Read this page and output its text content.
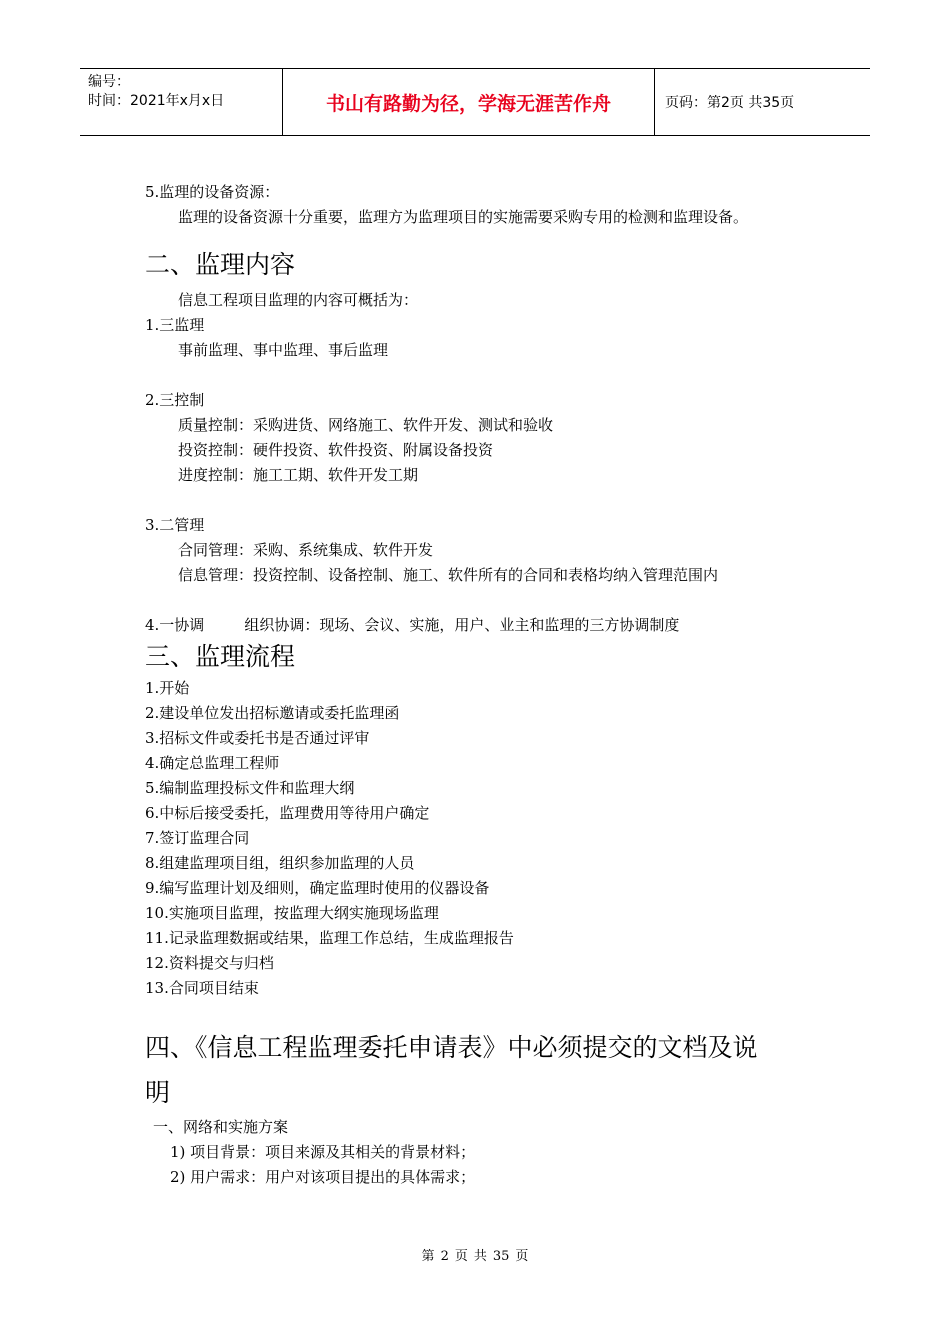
编号：
时间：2021年x月x日	书山有路勤为径，学海无涯苦作舟	页码：第2页 共35页
5.监理的设备资源：
监理的设备资源十分重要，监理方为监理项目的实施需要采购专用的检测和监理设备。
二、监理内容
信息工程项目监理的内容可概括为：
1.三监理
事前监理、事中监理、事后监理
2.三控制
质量控制：采购进货、网络施工、软件开发、测试和验收
投资控制：硬件投资、软件投资、附属设备投资
进度控制：施工工期、软件开发工期
3.二管理
合同管理：采购、系统集成、软件开发
信息管理：投资控制、设备控制、施工、软件所有的合同和表格均纳入管理范围内
4.一协调	组织协调：现场、会议、实施，用户、业主和监理的三方协调制度
三、监理流程
1.开始
2.建设单位发出招标邀请或委托监理函
3.招标文件或委托书是否通过评审
4.确定总监理工程师
5.编制监理投标文件和监理大纲
6.中标后接受委托，监理费用等待用户确定
7.签订监理合同
8.组建监理项目组，组织参加监理的人员
9.编写监理计划及细则，确定监理时使用的仪器设备
10.实施项目监理，按监理大纲实施现场监理
11.记录监理数据或结果，监理工作总结，生成监理报告
12.资料提交与归档
13.合同项目结束
四、《信息工程监理委托申请表》中必须提交的文档及说
明
一、网络和实施方案
1) 项目背景：项目来源及其相关的背景材料；
2) 用户需求：用户对该项目提出的具体需求；
第 2 页 共 35 页
